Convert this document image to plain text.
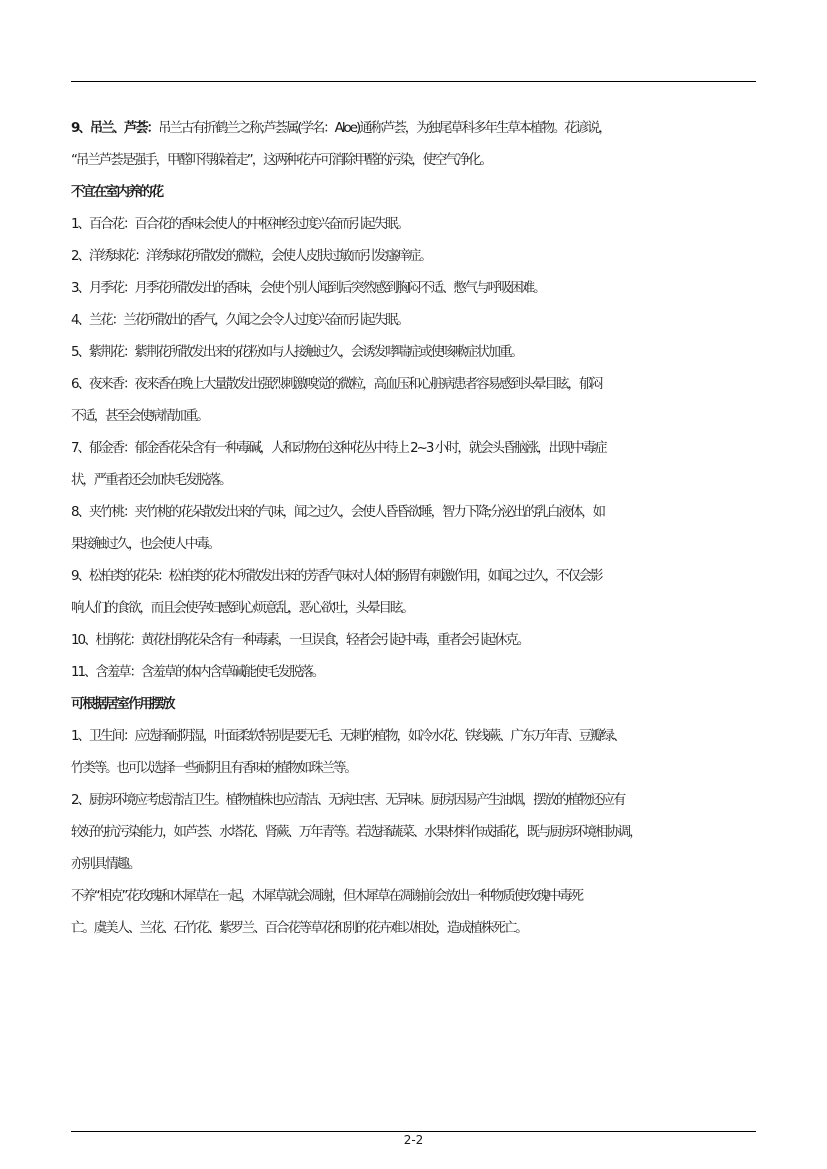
9、吊兰、芦荟：吊兰古有折鹤兰之称;芦荟属(学名：Aloe)通称芦荟，为独尾草科多年生草本植物。花谚说，

“吊兰芦荟是强手，甲醛吓得躲着走”，这两种花卉可消除甲醛的污染，使空气净化。

不宜在室内养的花

1、百合花：百合花的香味会使人的中枢神经过度兴奋而引起失眠。

2、洋绣球花：洋绣球花所散发的微粒，会使人皮肤过敏而引发瘙痒症。

3、月季花：月季花所散发出的香味，会使个别人闻到后突然感到胸闷不适、憋气与呼吸困难。

4、兰花：兰花所散出的香气，久闻之会令人过度兴奋而引起失眠。

5、紫荆花：紫荆花所散发出来的花粉如与人接触过久，会诱发哮喘症或使咳嗽症状加重。

6、夜来香：夜来香在晚上大量散发出强烈刺激嗅觉的微粒，高血压和心脏病患者容易感到头晕目眩，郁闷

不适，甚至会使病情加重。

7、郁金香：郁金香花朵含有一种毒碱，人和动物在这种花丛中待上 2~3 小时，就会头昏脑涨，出现中毒症

状，严重者还会加快毛发脱落。

8、夹竹桃：夹竹桃的花朵散发出来的气味，闻之过久，会使人昏昏欲睡，智力下降;分泌出的乳白液体，如

果接触过久，也会使人中毒。

9、松柏类的花朵：松柏类的花木所散发出来的芳香气味对人体的肠胃有刺激作用，如闻之过久，不仅会影

响人们的食欲，而且会使孕妇感到心烦意乱，恶心欲吐，头晕目眩。

10、杜鹃花：黄花杜鹃花朵含有一种毒素，一旦误食，轻者会引起中毒，重者会引起休克。

11、含羞草：含羞草的体内含草碱能使毛发脱落。

可根据居室作用摆放

1、卫生间：应选择耐阴湿，叶面柔软特别是要无毛、无刺的植物，如冷水花、铁线蕨、广东万年青、豆瓣绿、

竹类等。也可以选择一些耐阴且有香味的植物如珠兰等。

2、厨房环境应考虑清洁卫生。植物植株也应清洁、无病虫害、无异味。厨房因易产生油烟，摆放的植物还应有

较好的抗污染能力，如芦荟、水塔花、肾蕨、万年青等。若选择蔬菜、水果材料作成插花，既与厨房环境相协调，

亦别具情趣。

不养“相克”花玫瑰和木犀草在一起，木犀草就会凋谢，但木犀草在凋谢前会放出一种物质使玫瑰中毒死

亡。虞美人、兰花、石竹花、紫罗兰、百合花等草花和别的花卉难以相处，造成植株死亡。

2-2
